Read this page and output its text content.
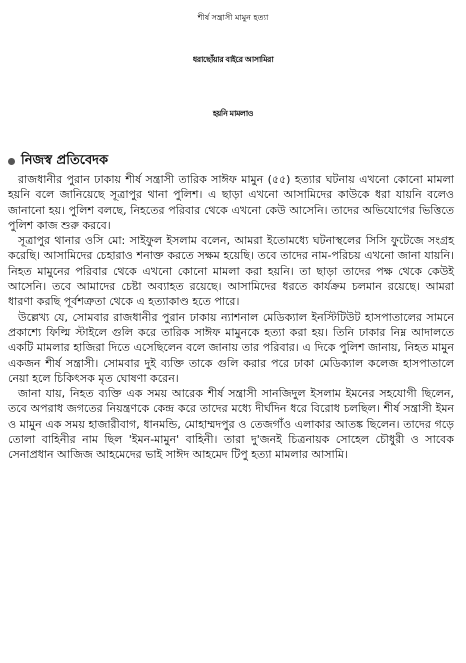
শীর্ষ সন্ত্রাসী মামুন হত্যা
ধরাছোঁয়ার বাইরে আসামিরা
হয়নি মামলাও
নিজস্ব প্রতিবেদক

রাজধানীর পুরান ঢাকায় শীর্ষ সন্ত্রাসী তারিক সাঈফ মামুন (৫৫) হত্যার ঘটনায় এখনো কোনো মামলা হয়নি বলে জানিয়েছে সূত্রাপুর থানা পুলিশ। এ ছাড়া এখনো আসামিদের কাউকে ধরা যায়নি বলেও জানানো হয়। পুলিশ বলছে, নিহতের পরিবার থেকে এখনো কেউ আসেনি। তাদের অভিযোগের ভিত্তিতে পুলিশ কাজ শুরু করবে।

সূত্রাপুর থানার ওসি মো: সাইফুল ইসলাম বলেন, আমরা ইতোমধ্যে ঘটনাস্থলের সিসি ফুটেজে সংগ্রহ করেছি। আসামিদের চেহারাও শনাক্ত করতে সক্ষম হয়েছি। তবে তাদের নাম-পরিচয় এখনো জানা যায়নি। নিহত মামুনের পরিবার থেকে এখনো কোনো মামলা করা হয়নি। তা ছাড়া তাদের পক্ষ থেকে কেউই আসেনি। তবে আমাদের চেষ্টা অব্যাহত রয়েছে। আসামিদের ধরতে কার্যক্রম চলমান রয়েছে। আমরা ধারণা করছি পূর্বশত্রুতা থেকে এ হত্যাকাণ্ড হতে পারে।

উল্লেখ্য যে, সোমবার রাজধানীর পুরান ঢাকায় ন্যাশনাল মেডিক্যাল ইনস্টিটিউট হাসপাতালের সামনে প্রকাশ্যে ফিল্মি স্টাইলে গুলি করে তারিক সাঈফ মামুনকে হত্যা করা হয়। তিনি ঢাকার নিম্ন আদালতে একটি মামলার হাজিরা দিতে এসেছিলেন বলে জানায় তার পরিবার। এ দিকে পুলিশ জানায়, নিহত মামুন একজন শীর্ষ সন্ত্রাসী। সোমবার দুই ব্যক্তি তাকে গুলি করার পরে ঢাকা মেডিক্যাল কলেজ হাসপাতালে নেয়া হলে চিকিৎসক মৃত ঘোষণা করেন।

জানা যায়, নিহত ব্যক্তি এক সময় আরেক শীর্ষ সন্ত্রাসী সানজিদুল ইসলাম ইমনের সহযোগী ছিলেন, তবে অপরাধ জগতের নিয়ন্ত্রণকে কেন্দ্র করে তাদের মধ্যে দীর্ঘদিন ধরে বিরোধ চলছিল। শীর্ষ সন্ত্রাসী ইমন ও মামুন এক সময় হাজারীবাগ, ধানমন্ডি, মোহাম্মদপুর ও তেজগাঁও এলাকার আতঙ্ক ছিলেন। তাদের গড়ে তোলা বাহিনীর নাম ছিল 'ইমন-মামুন' বাহিনী। তারা দু'জনই চিত্রনায়ক সোহেল চৌধুরী ও সাবেক সেনাপ্রধান আজিজ আহমেদের ভাই সাঈদ আহমেদ টিপু হত্যা মামলার আসামি।
